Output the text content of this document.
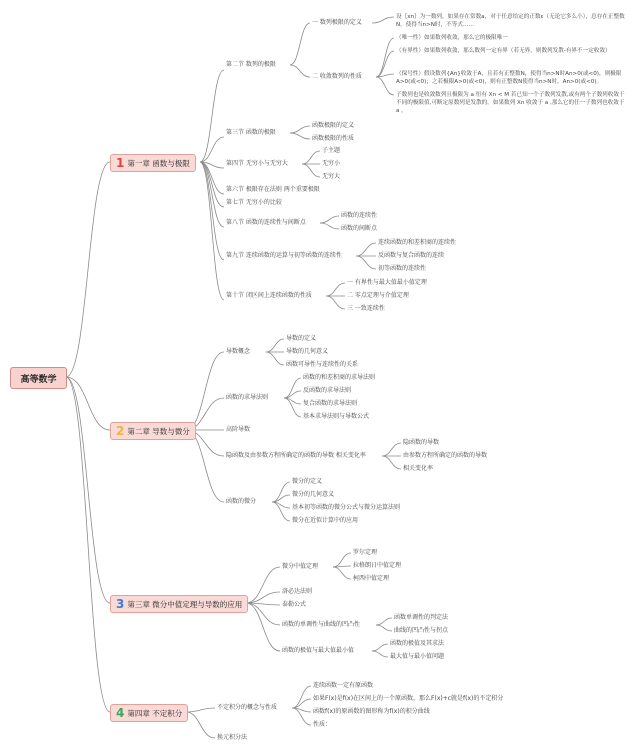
高等数学
1 第一章 函数与极限
2 第二章 导数与微分
3 第三章 微分中值定理与导数的应用
4 第四章 不定积分
第二节 数列的极限
一 数列极限的定义
设｛xn｝为一数列，如果存在常数a，对于任意给定的正数ε（无论它多么小），总存在正整数N，使得当n>N时，不等式……
二 收敛数列的性质
（唯一性）如果数列收敛，那么它的极限唯一
（有界性）如果数列收敛，那么数列一定有界（若无界，则数列发散-有界不一定收敛）
（保号性）假设数列{An}收敛于A，且若有正整数N，使得当n>N时An>0(或<0)，则极限A>0(或<0)；之若极限A>0(或<0)，则有正整数N使得当n>N时，An>0(或<0)。
子数列也是收敛数列且极限为 a 恒有 Xn < M 若已知一个子数列发散,或有两个子数列收敛于不同的极限值,可断定原数列是发散的。如果数列 Xn 收敛于 a ,那么它的任一子数列也收敛于 a 。
第三节 函数的极限
函数极限的定义
函数极限的性质
第四节 无穷小与无穷大
子主题
无穷小
无穷大
第六节 极限存在法则 两个重要极限
第七节 无穷小的比较
第八节 函数的连续性与间断点
函数的连续性
函数的间断点
第九节 连续函数的运算与初等函数的连续性
连续函数的和差积商的连续性
反函数与复合函数的连续
初等函数的连续性
第十节 闭区间上连续函数的性质
一 有界性与最大值最小值定理
二 零点定理与介值定理
三 一致连续性
导数概念
导数的定义
导数的几何意义
函数可导性与连续性的关系
函数的求导法则
函数的和差积商的求导法则
反函数的求导法则
复合函数的求导法则
基本求导法则与导数公式
高阶导数
隐函数及由参数方程所确定的函数的导数 相关变化率
隐函数的导数
由参数方程所确定的函数的导数
相关变化率
函数的微分
微分的定义
微分的几何意义
基本初等函数的微分公式与微分运算法则
微分在近似计算中的应用
微分中值定理
罗尔定理
拉格朗日中值定理
柯西中值定理
洛必达法则
泰勒公式
函数的单调性与曲线的凹凸性
函数单调性的判定法
曲线的凹凸性与拐点
函数的极值与最大值最小值
函数的极值及其求法
最大值与最小值问题
不定积分的概念与性质
连续函数一定有原函数
如果F(x)是f(x)在区间上的一个原函数，那么F(x)+c就是f(x)的不定积分
函数f(x)的原函数的图形称为f(x)的积分曲线
性质：
换元积分法
